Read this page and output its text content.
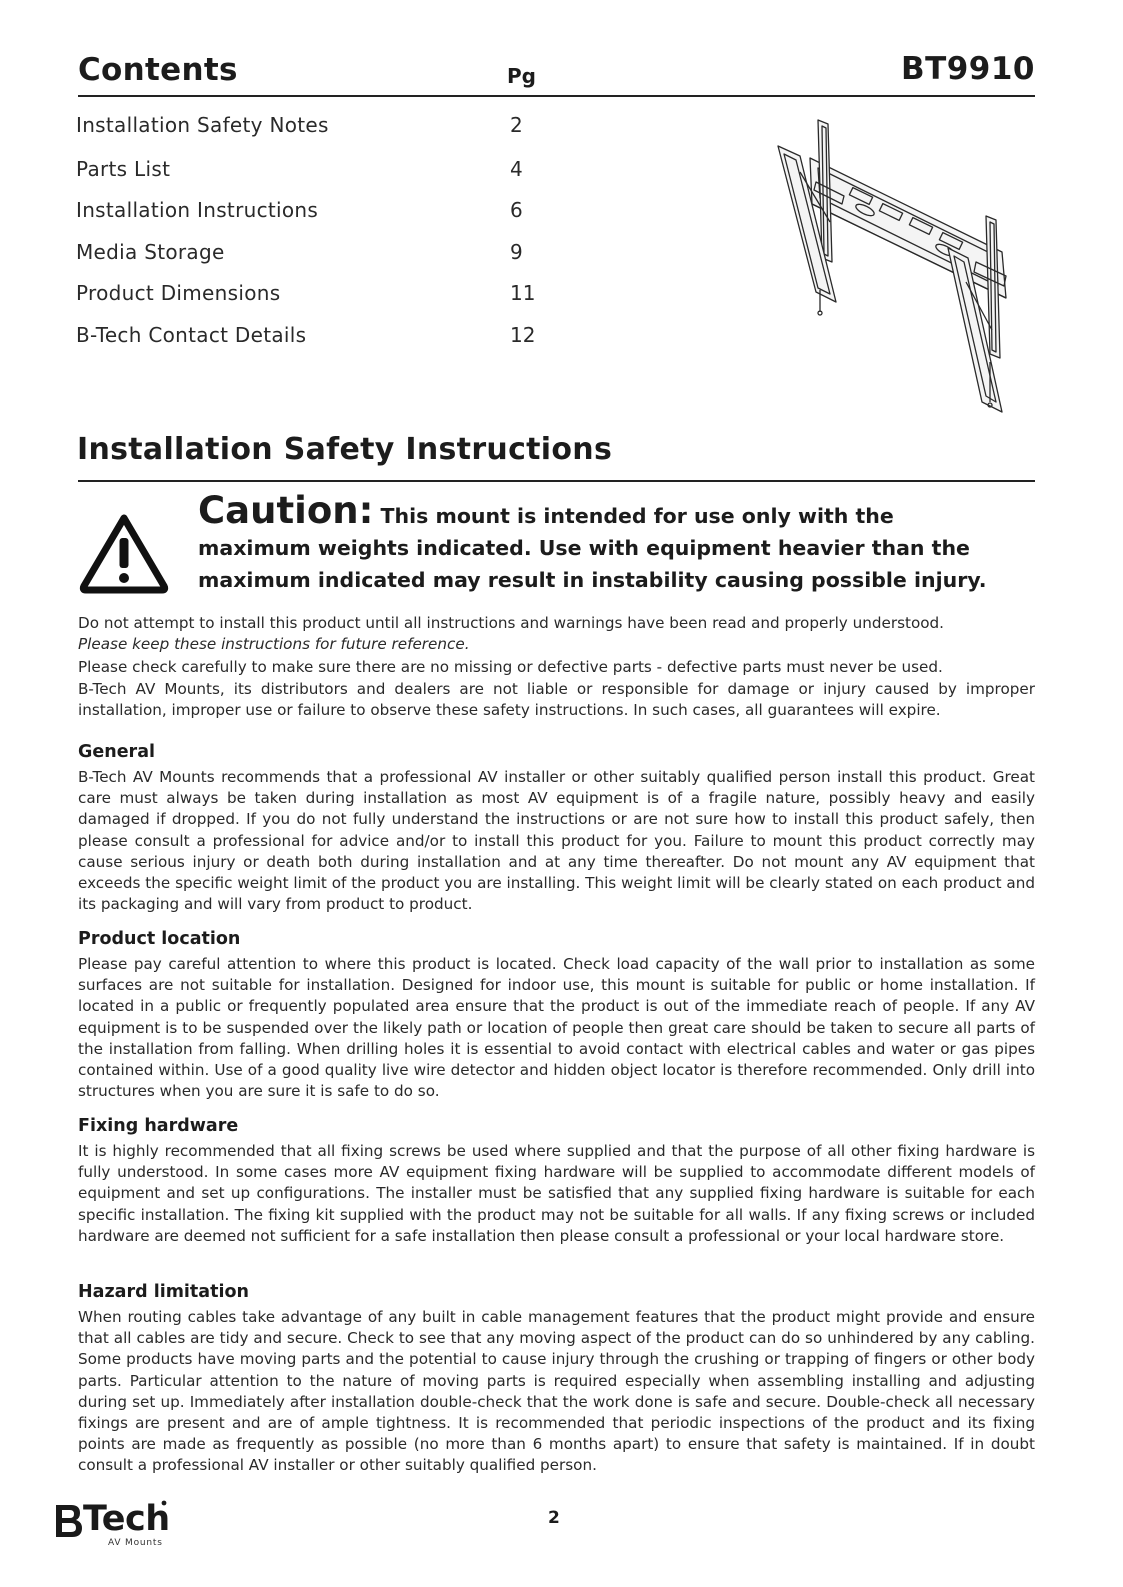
Contents	Pg	BT9910
Installation Safety Notes	2
Parts List	4
Installation Instructions	6
Media Storage	9
Product Dimensions	11
B-Tech Contact Details	12
Installation Safety Instructions
Caution: This mount is intended for use only with the
maximum weights indicated. Use with equipment heavier than the
maximum indicated may result in instability causing possible injury.

Do not attempt to install this product until all instructions and warnings have been read and properly understood.

Please keep these instructions for future reference.

Please check carefully to make sure there are no missing or defective parts - defective parts must never be used.

B-Tech AV Mounts, its distributors and dealers are not liable or responsible for damage or injury caused by improper installation, improper use or failure to observe these safety instructions. In such cases, all guarantees will expire.

General
B-Tech AV Mounts recommends that a professional AV installer or other suitably qualified person install this product. Great care must always be taken during installation as most AV equipment is of a fragile nature, possibly heavy and easily damaged if dropped. If you do not fully understand the instructions or are not sure how to install this product safely, then please consult a professional for advice and/or to install this product for you. Failure to mount this product correctly may cause serious injury or death both during installation and at any time thereafter. Do not mount any AV equipment that exceeds the specific weight limit of the product you are installing. This weight limit will be clearly stated on each product and its packaging and will vary from product to product.
Product location
Please pay careful attention to where this product is located. Check load capacity of the wall prior to installation as some surfaces are not suitable for installation. Designed for indoor use, this mount is suitable for public or home installation. If located in a public or frequently populated area ensure that the product is out of the immediate reach of people. If any AV equipment is to be suspended over the likely path or location of people then great care should be taken to secure all parts of the installation from falling. When drilling holes it is essential to avoid contact with electrical cables and water or gas pipes contained within. Use of a good quality live wire detector and hidden object locator is therefore recommended. Only drill into structures when you are sure it is safe to do so.
Fixing hardware
It is highly recommended that all fixing screws be used where supplied and that the purpose of all other fixing hardware is fully understood. In some cases more AV equipment fixing hardware will be supplied to accommodate different models of equipment and set up configurations. The installer must be satisfied that any supplied fixing hardware is suitable for each specific installation. The fixing kit supplied with the product may not be suitable for all walls. If any fixing screws or included hardware are deemed not sufficient for a safe installation then please consult a professional or your local hardware store.
Hazard limitation
When routing cables take advantage of any built in cable management features that the product might provide and ensure that all cables are tidy and secure. Check to see that any moving aspect of the product can do so unhindered by any cabling. Some products have moving parts and the potential to cause injury through the crushing or trapping of fingers or other body parts. Particular attention to the nature of moving parts is required especially when assembling installing and adjusting during set up. Immediately after installation double-check that the work done is safe and secure. Double-check all necessary fixings are present and are of ample tightness. It is recommended that periodic inspections of the product and its fixing points are made as frequently as possible (no more than 6 months apart) to ensure that safety is maintained. If in doubt consult a professional AV installer or other suitably qualified person.
Tech
AV Mounts
2
